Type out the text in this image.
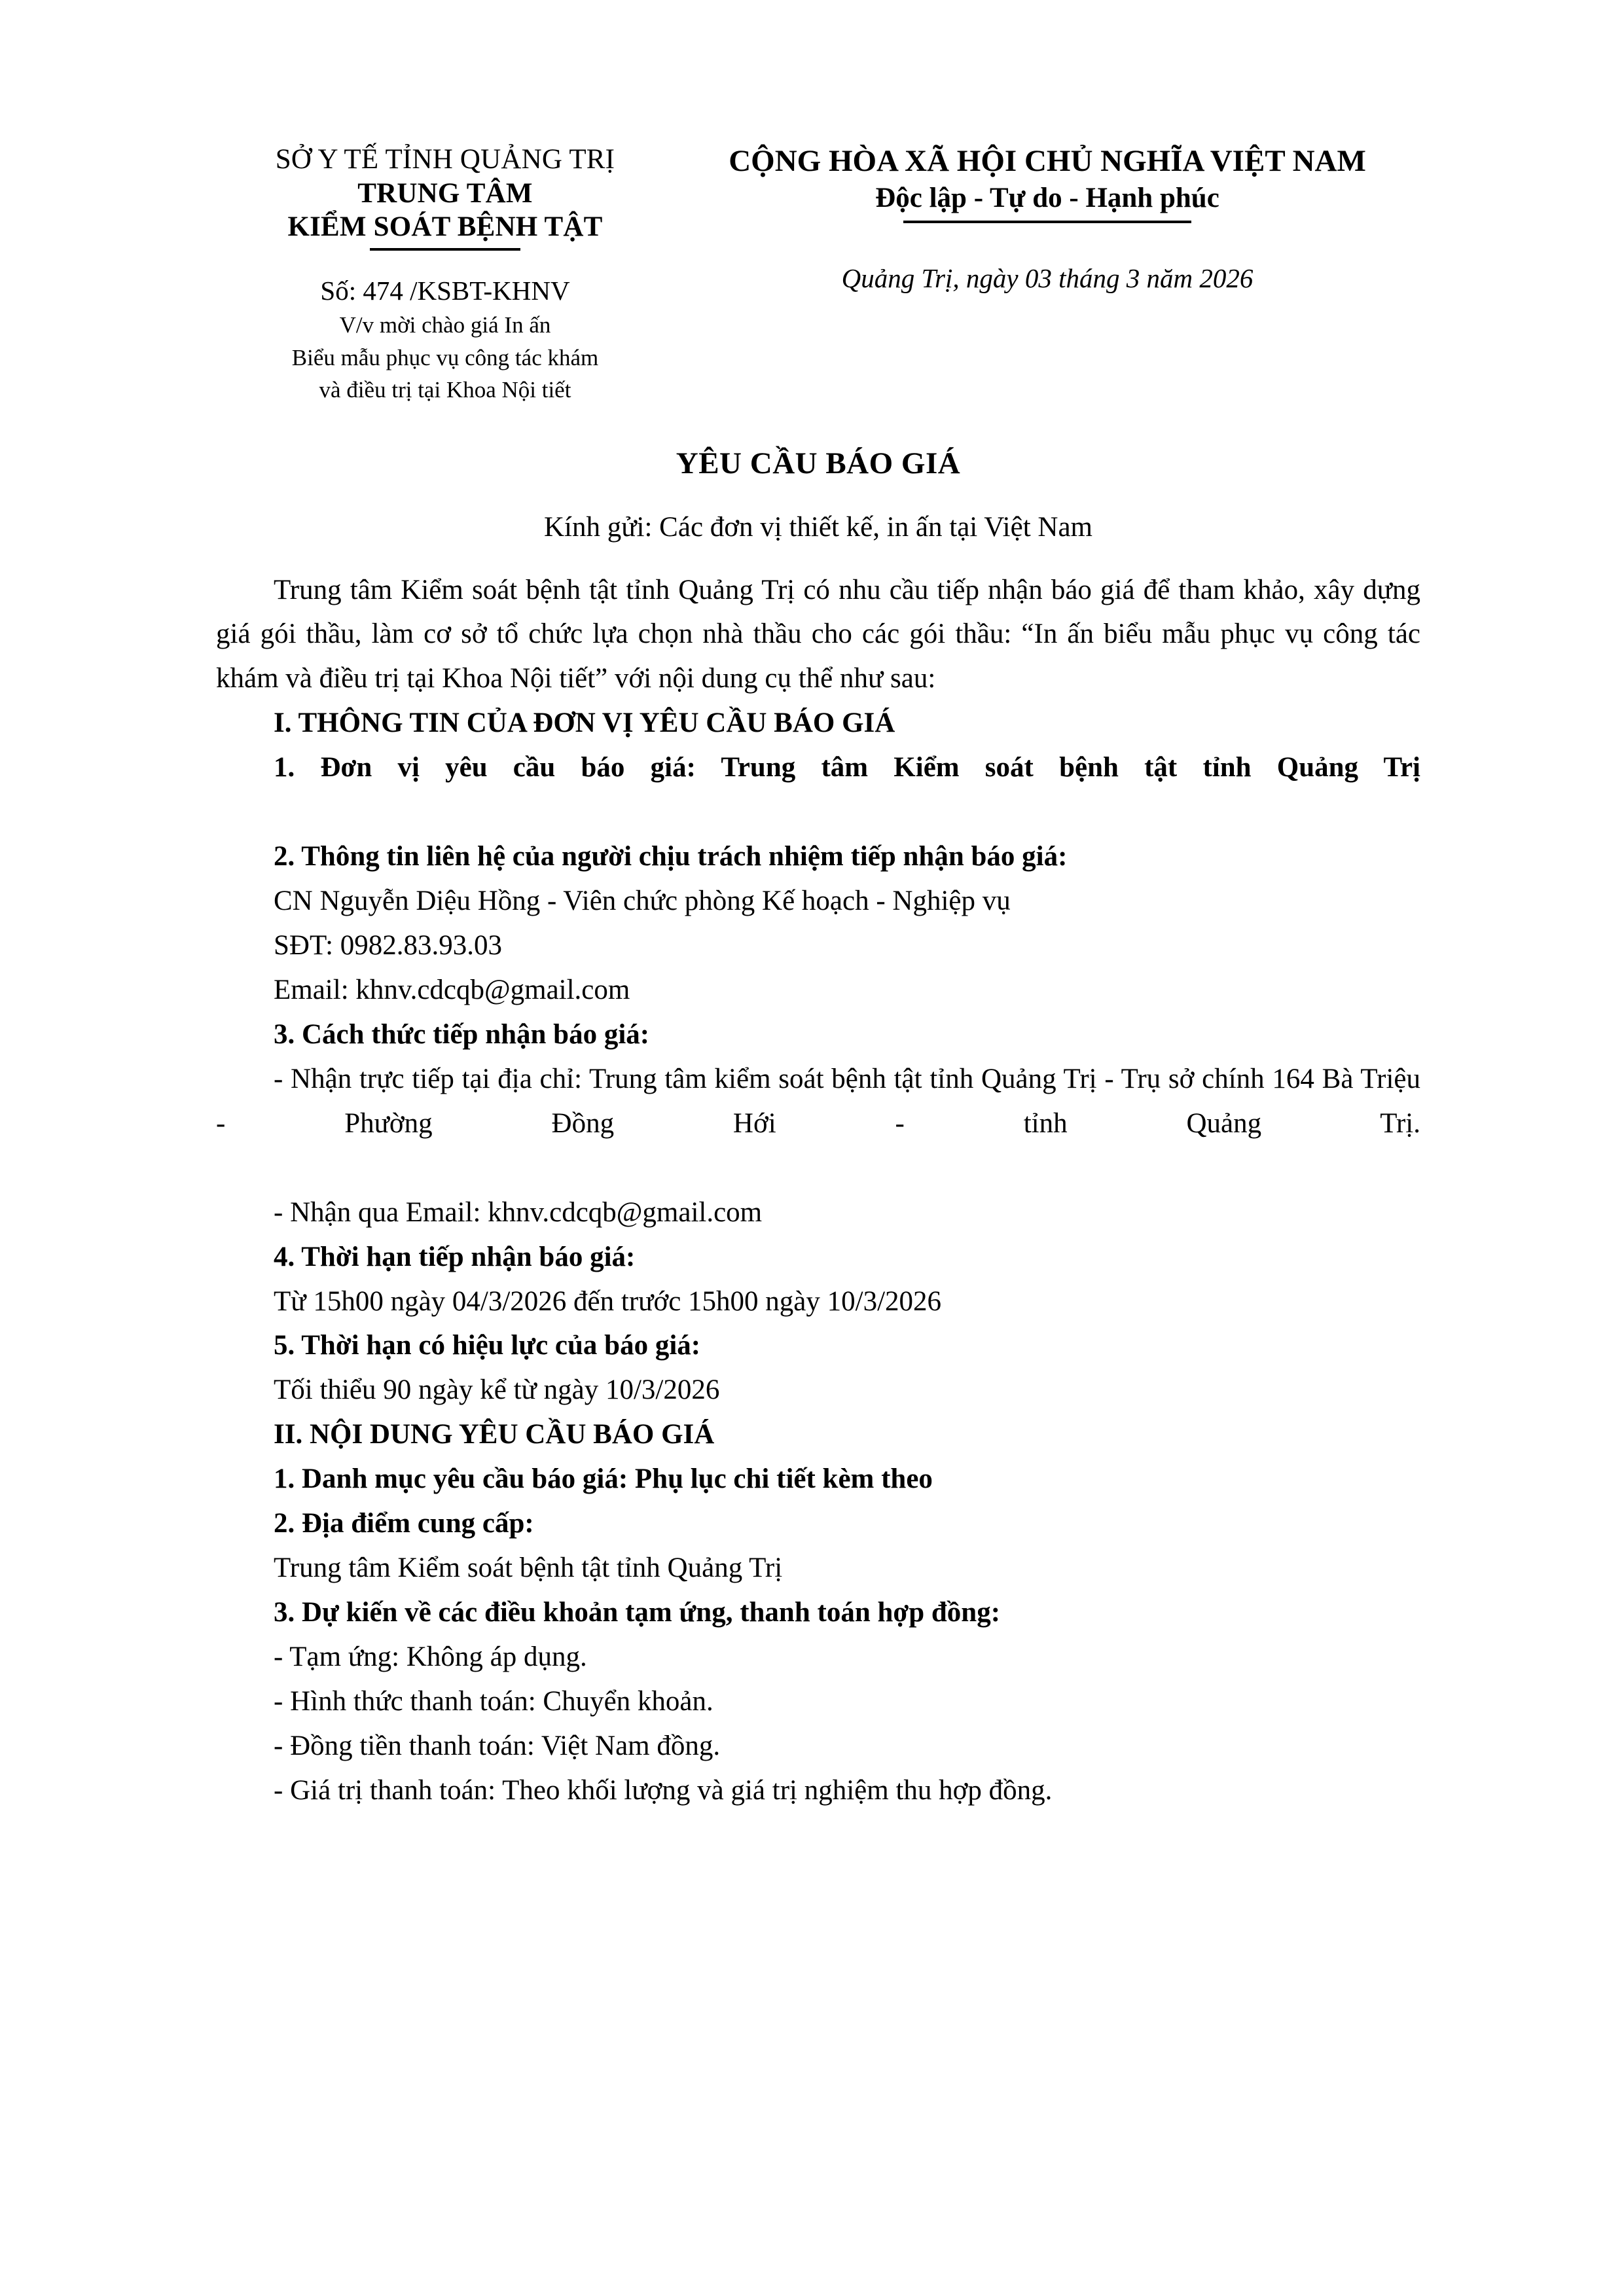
SỞ Y TẾ TỈNH QUẢNG TRỊ
TRUNG TÂM
KIỂM SOÁT BỆNH TẬT
Số: 474 /KSBT-KHNV
V/v mời chào giá In ấn
Biểu mẫu phục vụ công tác khám
và điều trị tại Khoa Nội tiết
CỘNG HÒA XÃ HỘI CHỦ NGHĨA VIỆT NAM
Độc lập - Tự do - Hạnh phúc
Quảng Trị, ngày 03 tháng 3 năm 2026
YÊU CẦU BÁO GIÁ
Kính gửi: Các đơn vị thiết kế, in ấn tại Việt Nam

Trung tâm Kiểm soát bệnh tật tỉnh Quảng Trị có nhu cầu tiếp nhận báo giá để tham khảo, xây dựng giá gói thầu, làm cơ sở tổ chức lựa chọn nhà thầu cho các gói thầu: “In ấn biểu mẫu phục vụ công tác khám và điều trị tại Khoa Nội tiết” với nội dung cụ thể như sau:

I. THÔNG TIN CỦA ĐƠN VỊ YÊU CẦU BÁO GIÁ
1. Đơn vị yêu cầu báo giá: Trung tâm Kiểm soát bệnh tật tỉnh Quảng Trị
2. Thông tin liên hệ của người chịu trách nhiệm tiếp nhận báo giá:
CN Nguyễn Diệu Hồng - Viên chức phòng Kế hoạch - Nghiệp vụ
SĐT: 0982.83.93.03
Email: khnv.cdcqb@gmail.com
3. Cách thức tiếp nhận báo giá:
- Nhận trực tiếp tại địa chỉ: Trung tâm kiểm soát bệnh tật tỉnh Quảng Trị - Trụ sở chính 164 Bà Triệu - Phường Đồng Hới - tỉnh Quảng Trị.
- Nhận qua Email: khnv.cdcqb@gmail.com
4. Thời hạn tiếp nhận báo giá:
Từ 15h00 ngày 04/3/2026 đến trước 15h00 ngày 10/3/2026
5. Thời hạn có hiệu lực của báo giá:
Tối thiểu 90 ngày kể từ ngày 10/3/2026
II. NỘI DUNG YÊU CẦU BÁO GIÁ
1. Danh mục yêu cầu báo giá: Phụ lục chi tiết kèm theo
2. Địa điểm cung cấp:
Trung tâm Kiểm soát bệnh tật tỉnh Quảng Trị
3. Dự kiến về các điều khoản tạm ứng, thanh toán hợp đồng:
- Tạm ứng: Không áp dụng.
- Hình thức thanh toán: Chuyển khoản.
- Đồng tiền thanh toán: Việt Nam đồng.
- Giá trị thanh toán: Theo khối lượng và giá trị nghiệm thu hợp đồng.
